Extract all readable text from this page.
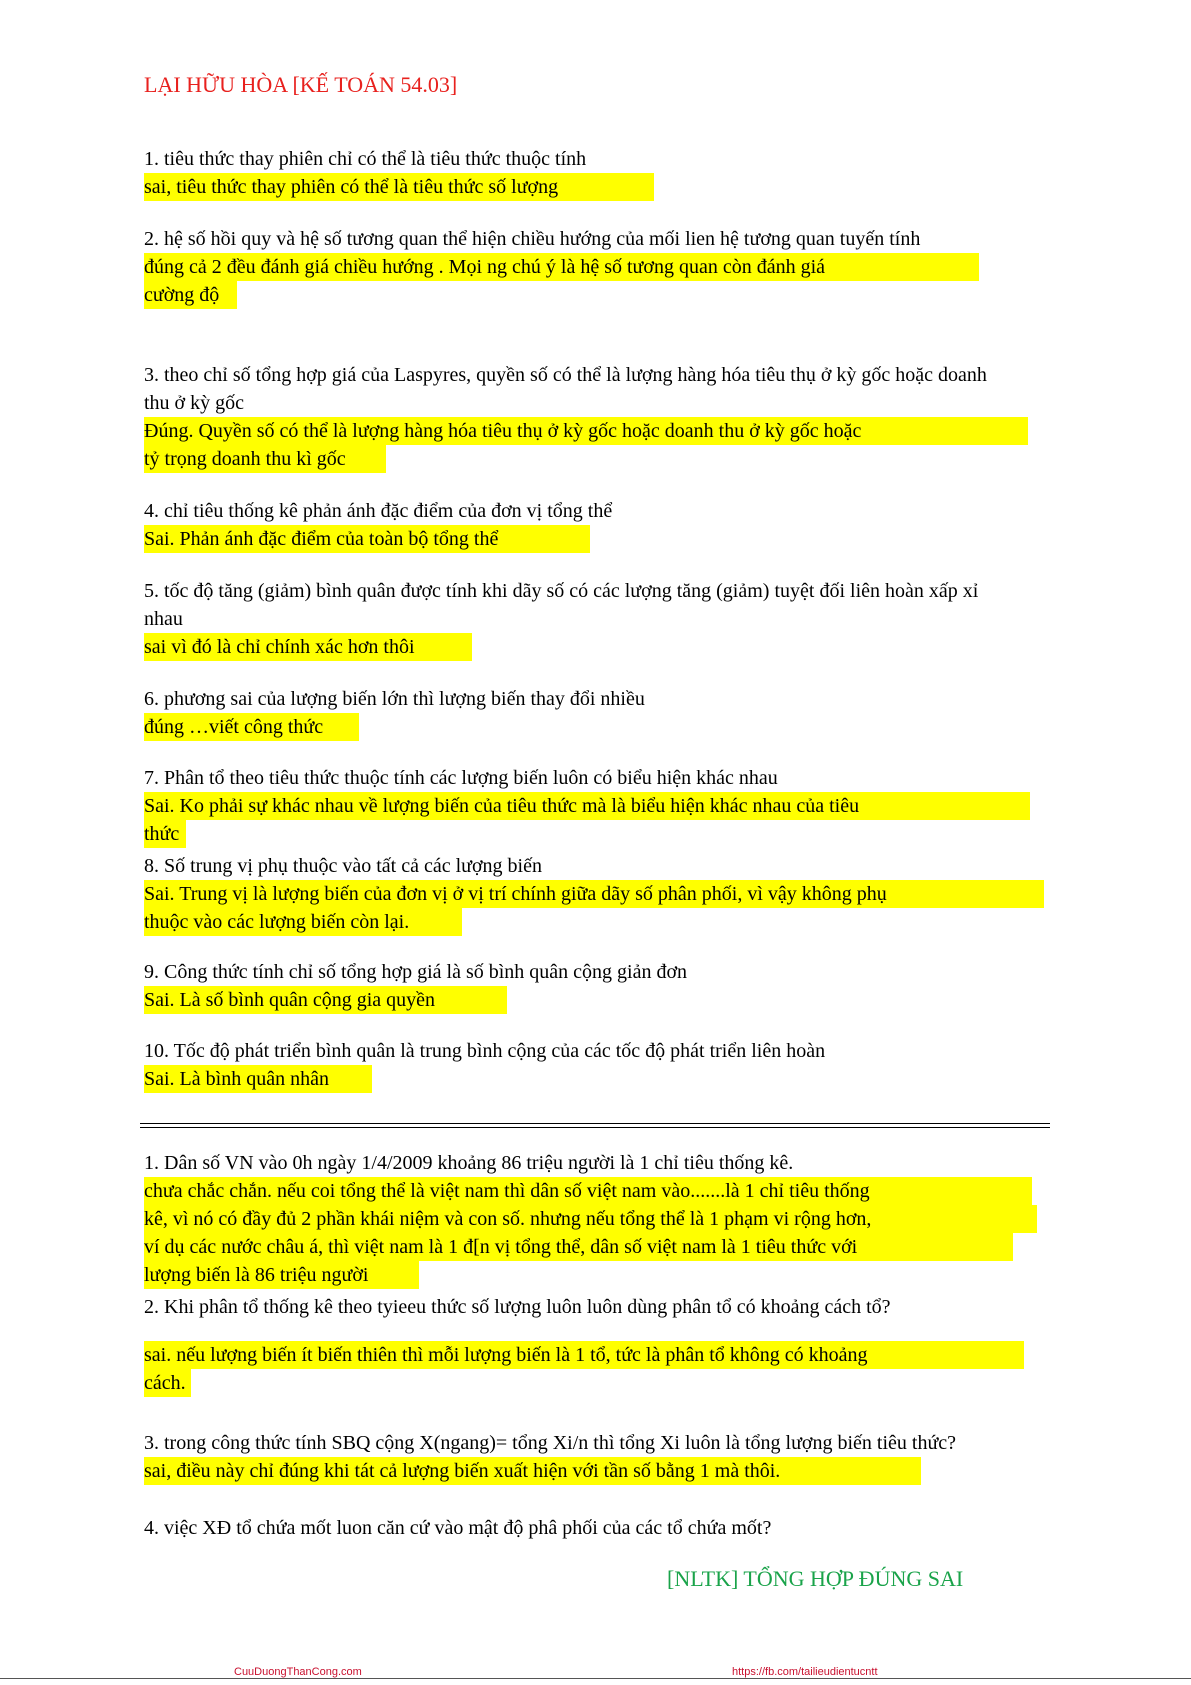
LẠI HỮU HÒA [KẾ TOÁN 54.03]

1. tiêu thức thay phiên chỉ có thể là tiêu thức thuộc tính

sai, tiêu thức thay phiên có thể là tiêu thức số lượng

2. hệ số hồi quy và hệ số tương quan thể hiện chiều hướng của mối lien hệ tương quan tuyến tính

đúng cả 2 đều đánh giá chiều hướng . Mọi ng chú ý là hệ số tương quan còn đánh giá
cường độ

3. theo chỉ số tổng hợp giá của Laspyres, quyền số có thể là lượng hàng hóa tiêu thụ ở kỳ gốc hoặc doanh thu ở kỳ gốc

Đúng. Quyền số có thể là lượng hàng hóa tiêu thụ ở kỳ gốc hoặc doanh thu ở kỳ gốc hoặc
tỷ trọng doanh thu kì gốc

4. chỉ tiêu thống kê phản ánh đặc điểm của đơn vị tổng thể

Sai. Phản ánh đặc điểm của toàn bộ tổng thể

5. tốc độ tăng (giảm) bình quân được tính khi dãy số có các lượng tăng (giảm) tuyệt đối liên hoàn xấp xỉ nhau

sai vì đó là chỉ chính xác hơn thôi

6. phương sai của lượng biến lớn thì lượng biến thay đổi nhiều

đúng …viết công thức

7. Phân tổ theo tiêu thức thuộc tính các lượng biến luôn có biểu hiện khác nhau

Sai. Ko phải sự khác nhau về lượng biến của tiêu thức mà là biểu hiện khác nhau của tiêu
thức

8. Số trung vị phụ thuộc vào tất cả các lượng biến

Sai. Trung vị là lượng biến của đơn vị ở vị trí chính giữa dãy số phân phối, vì vậy không phụ
thuộc vào các lượng biến còn lại.

9. Công thức tính chỉ số tổng hợp giá là số bình quân cộng giản đơn

Sai. Là số bình quân cộng gia quyền

10. Tốc độ phát triển bình quân là trung bình cộng của các tốc độ phát triển liên hoàn

Sai. Là bình quân nhân

1. Dân số VN vào 0h ngày 1/4/2009 khoảng 86 triệu người là 1 chỉ tiêu thống kê.

chưa chắc chắn. nếu coi tổng thể là việt nam thì dân số việt nam vào.......là 1 chỉ tiêu thống
kê, vì nó có đầy đủ 2 phần khái niệm và con số. nhưng nếu tổng thể là 1 phạm vi rộng hơn,
ví dụ các nước châu á, thì việt nam là 1 đ[n vị tổng thể, dân số việt nam là 1 tiêu thức với
lượng biến là 86 triệu người

2. Khi phân tổ thống kê theo tyieeu thức số lượng luôn luôn dùng phân tổ có khoảng cách tổ?

sai. nếu lượng biến ít biến thiên thì mỗi lượng biến là 1 tổ, tức là phân tổ không có khoảng
cách.

3. trong công thức tính SBQ cộng X(ngang)= tổng Xi/n thì tổng Xi luôn là tổng lượng biến tiêu thức?

sai, điều này chỉ đúng khi tát cả lượng biến xuất hiện với tần số bằng 1 mà thôi.

4. việc XĐ tổ chứa mốt luon căn cứ vào mật độ phâ phối của các tổ chứa mốt?

[NLTK] TỔNG HỢP ĐÚNG SAI
CuuDuongThanCong.com	https://fb.com/tailieudientucntt
